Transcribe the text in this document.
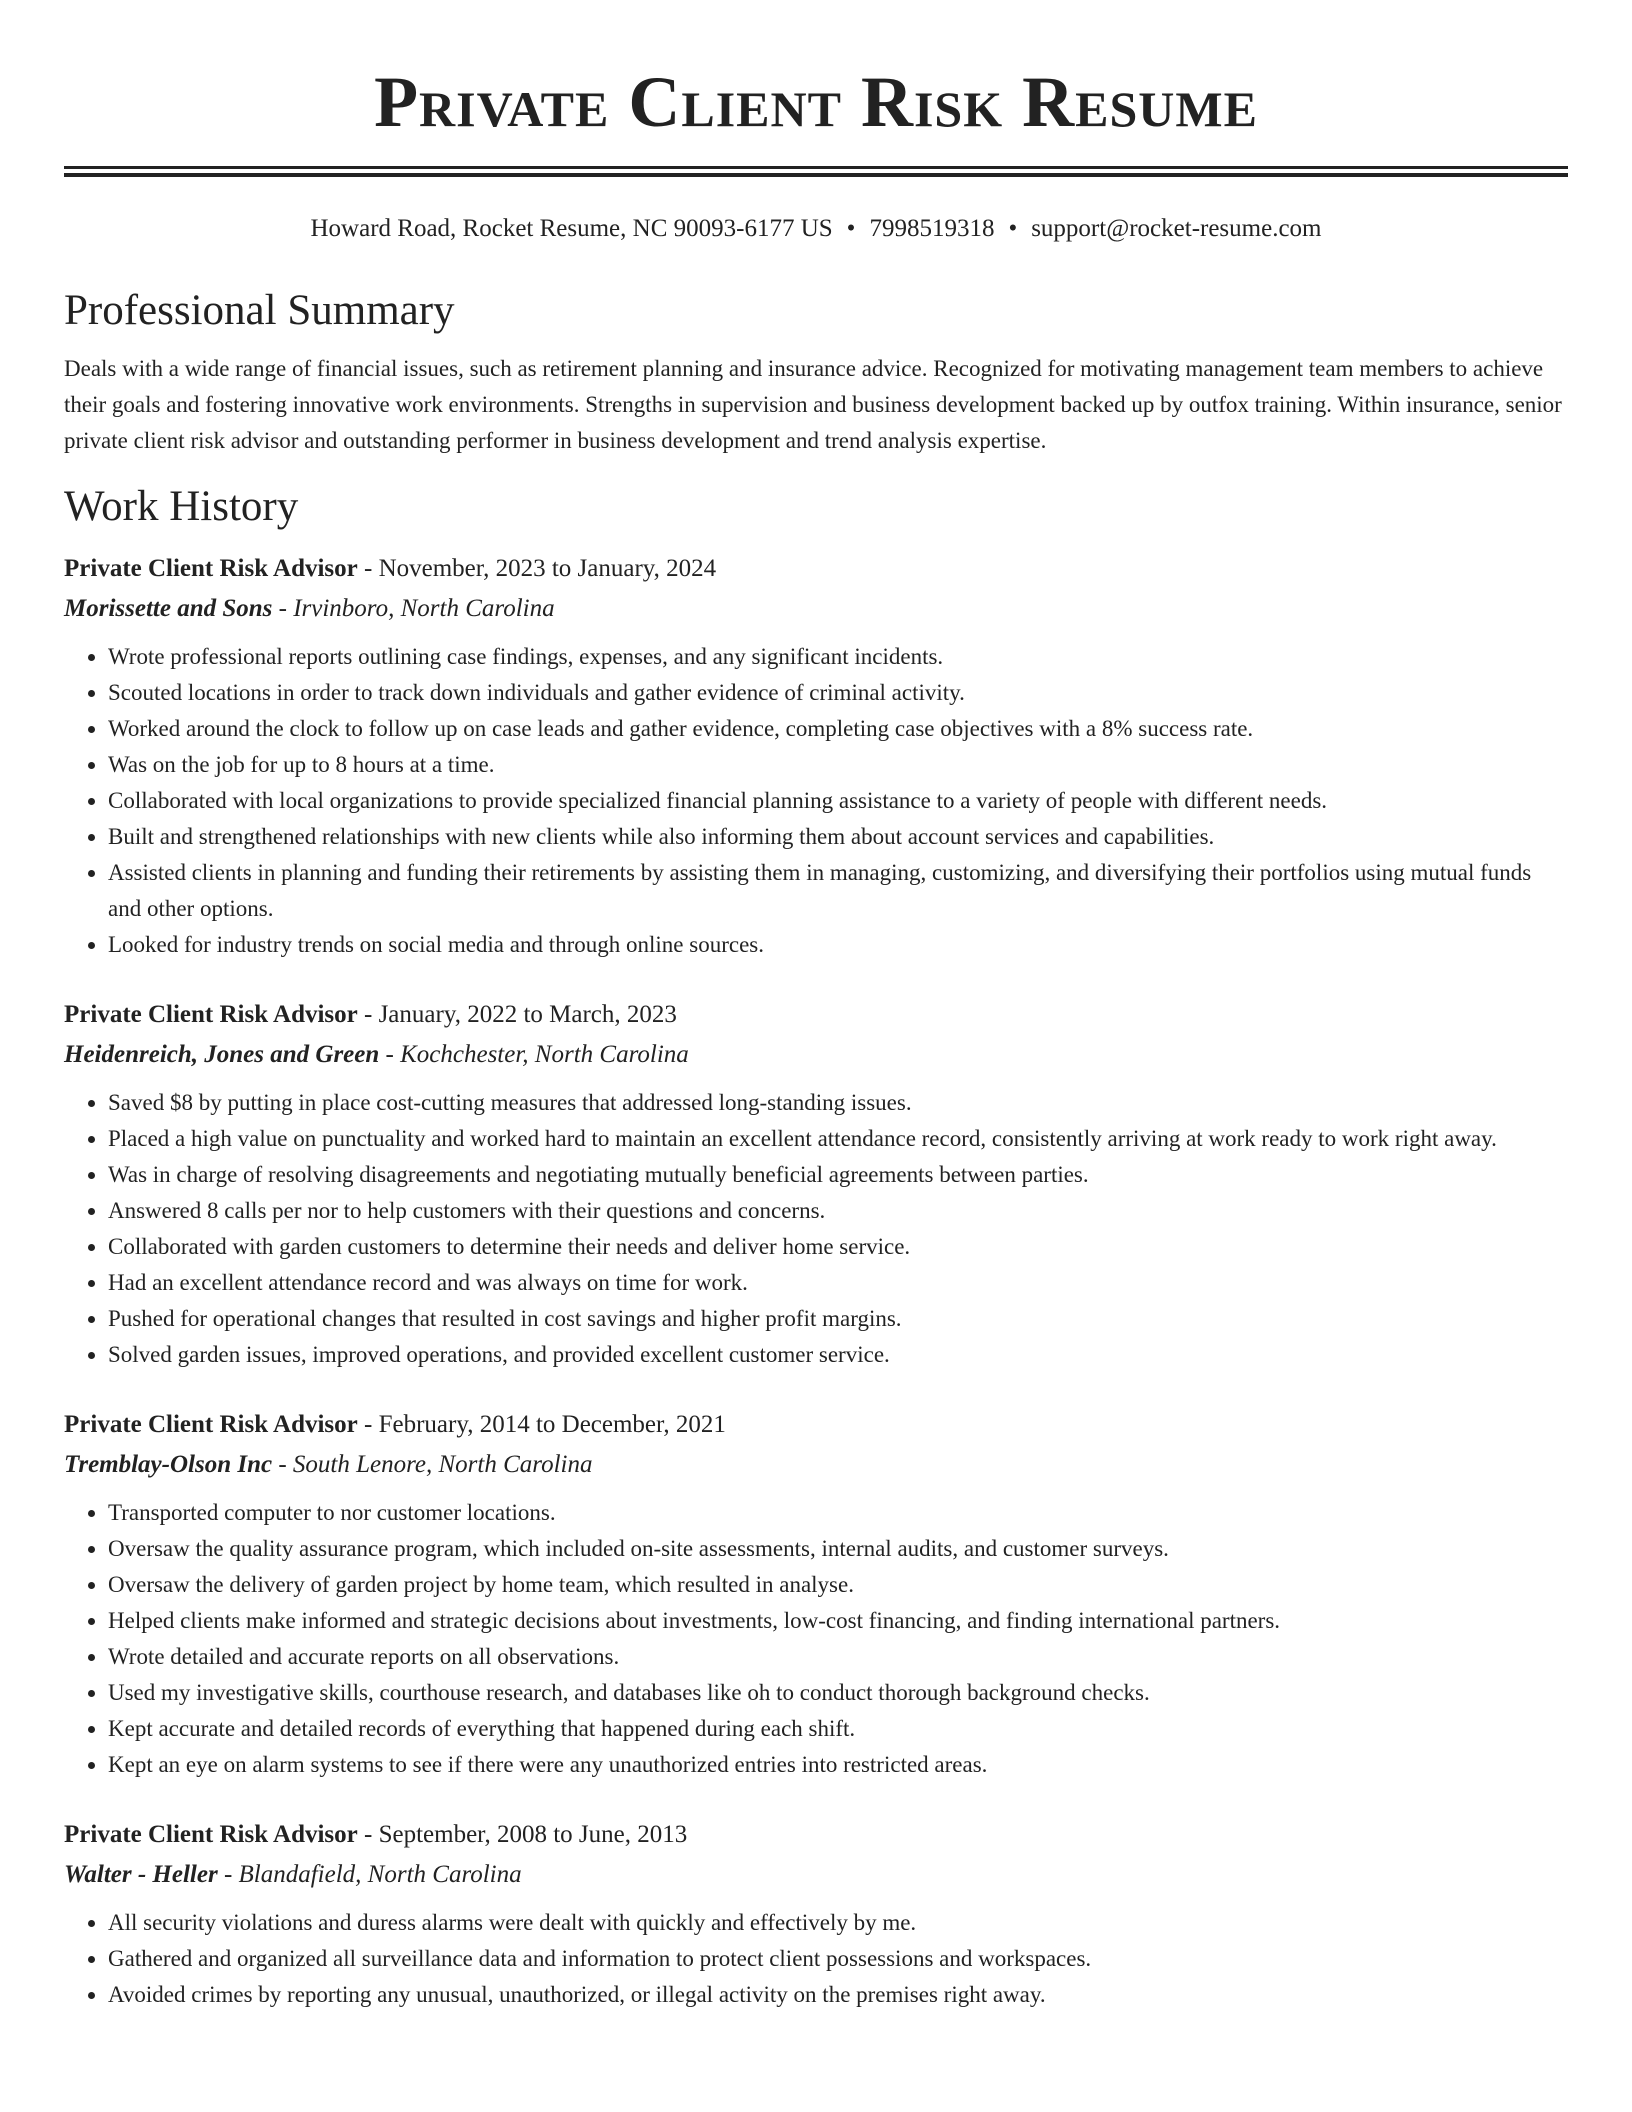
Private Client Risk Resume
Howard Road, Rocket Resume, NC 90093-6177 US • 7998519318 • support@rocket-resume.com
Professional Summary

Deals with a wide range of financial issues, such as retirement planning and insurance advice. Recognized for motivating management team members to achieve their goals and fostering innovative work environments. Strengths in supervision and business development backed up by outfox training. Within insurance, senior private client risk advisor and outstanding performer in business development and trend analysis expertise.

Work History
Private Client Risk Advisor - November, 2023 to January, 2024
Morissette and Sons - Irvinboro, North Carolina
• Wrote professional reports outlining case findings, expenses, and any significant incidents.
• Scouted locations in order to track down individuals and gather evidence of criminal activity.
• Worked around the clock to follow up on case leads and gather evidence, completing case objectives with a 8% success rate.
• Was on the job for up to 8 hours at a time.
• Collaborated with local organizations to provide specialized financial planning assistance to a variety of people with different needs.
• Built and strengthened relationships with new clients while also informing them about account services and capabilities.
• Assisted clients in planning and funding their retirements by assisting them in managing, customizing, and diversifying their portfolios using mutual funds and other options.
• Looked for industry trends on social media and through online sources.
Private Client Risk Advisor - January, 2022 to March, 2023
Heidenreich, Jones and Green - Kochchester, North Carolina
• Saved $8 by putting in place cost-cutting measures that addressed long-standing issues.
• Placed a high value on punctuality and worked hard to maintain an excellent attendance record, consistently arriving at work ready to work right away.
• Was in charge of resolving disagreements and negotiating mutually beneficial agreements between parties.
• Answered 8 calls per nor to help customers with their questions and concerns.
• Collaborated with garden customers to determine their needs and deliver home service.
• Had an excellent attendance record and was always on time for work.
• Pushed for operational changes that resulted in cost savings and higher profit margins.
• Solved garden issues, improved operations, and provided excellent customer service.
Private Client Risk Advisor - February, 2014 to December, 2021
Tremblay-Olson Inc - South Lenore, North Carolina
• Transported computer to nor customer locations.
• Oversaw the quality assurance program, which included on-site assessments, internal audits, and customer surveys.
• Oversaw the delivery of garden project by home team, which resulted in analyse.
• Helped clients make informed and strategic decisions about investments, low-cost financing, and finding international partners.
• Wrote detailed and accurate reports on all observations.
• Used my investigative skills, courthouse research, and databases like oh to conduct thorough background checks.
• Kept accurate and detailed records of everything that happened during each shift.
• Kept an eye on alarm systems to see if there were any unauthorized entries into restricted areas.
Private Client Risk Advisor - September, 2008 to June, 2013
Walter - Heller - Blandafield, North Carolina
• All security violations and duress alarms were dealt with quickly and effectively by me.
• Gathered and organized all surveillance data and information to protect client possessions and workspaces.
• Avoided crimes by reporting any unusual, unauthorized, or illegal activity on the premises right away.
